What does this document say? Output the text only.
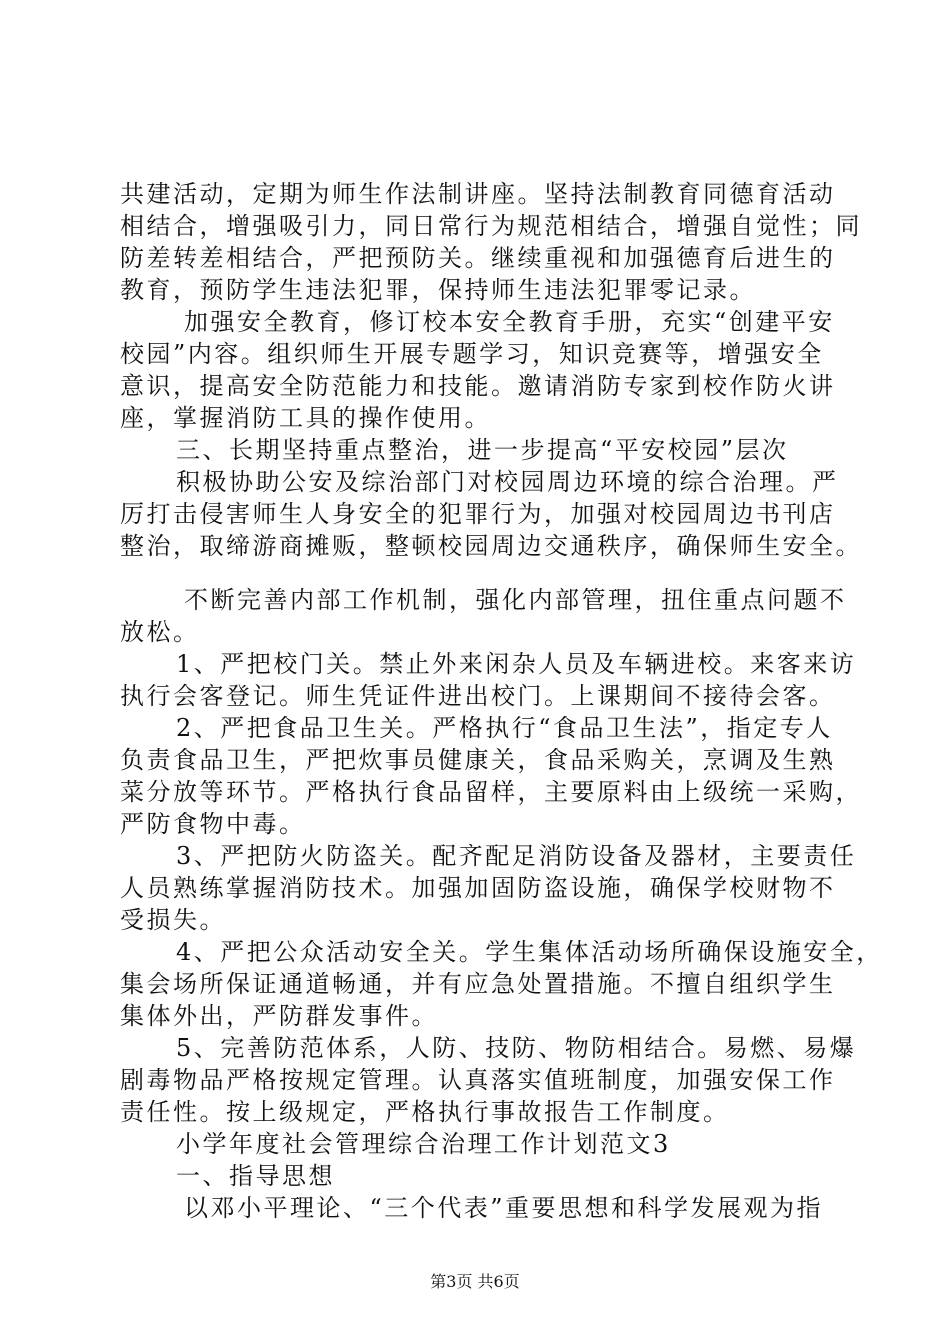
共建活动，定期为师生作法制讲座。坚持法制教育同德育活动
相结合，增强吸引力，同日常行为规范相结合，增强自觉性；同
防差转差相结合，严把预防关。继续重视和加强德育后进生的
教育，预防学生违法犯罪，保持师生违法犯罪零记录。
加强安全教育，修订校本安全教育手册，充实“创建平安
校园”内容。组织师生开展专题学习，知识竞赛等，增强安全
意识，提高安全防范能力和技能。邀请消防专家到校作防火讲
座，掌握消防工具的操作使用。
三、长期坚持重点整治，进一步提高“平安校园”层次
积极协助公安及综治部门对校园周边环境的综合治理。严
厉打击侵害师生人身安全的犯罪行为，加强对校园周边书刊店
整治，取缔游商摊贩，整顿校园周边交通秩序，确保师生安全。
不断完善内部工作机制，强化内部管理，扭住重点问题不
放松。
1、严把校门关。禁止外来闲杂人员及车辆进校。来客来访
执行会客登记。师生凭证件进出校门。上课期间不接待会客。
2、严把食品卫生关。严格执行“食品卫生法”，指定专人
负责食品卫生，严把炊事员健康关，食品采购关，烹调及生熟
菜分放等环节。严格执行食品留样，主要原料由上级统一采购，
严防食物中毒。
3、严把防火防盗关。配齐配足消防设备及器材，主要责任
人员熟练掌握消防技术。加强加固防盗设施，确保学校财物不
受损失。
4、严把公众活动安全关。学生集体活动场所确保设施安全，
集会场所保证通道畅通，并有应急处置措施。不擅自组织学生
集体外出，严防群发事件。
5、完善防范体系，人防、技防、物防相结合。易燃、易爆
剧毒物品严格按规定管理。认真落实值班制度，加强安保工作
责任性。按上级规定，严格执行事故报告工作制度。
小学年度社会管理综合治理工作计划范文3
一、指导思想
以邓小平理论、“三个代表”重要思想和科学发展观为指
第3页 共6页
